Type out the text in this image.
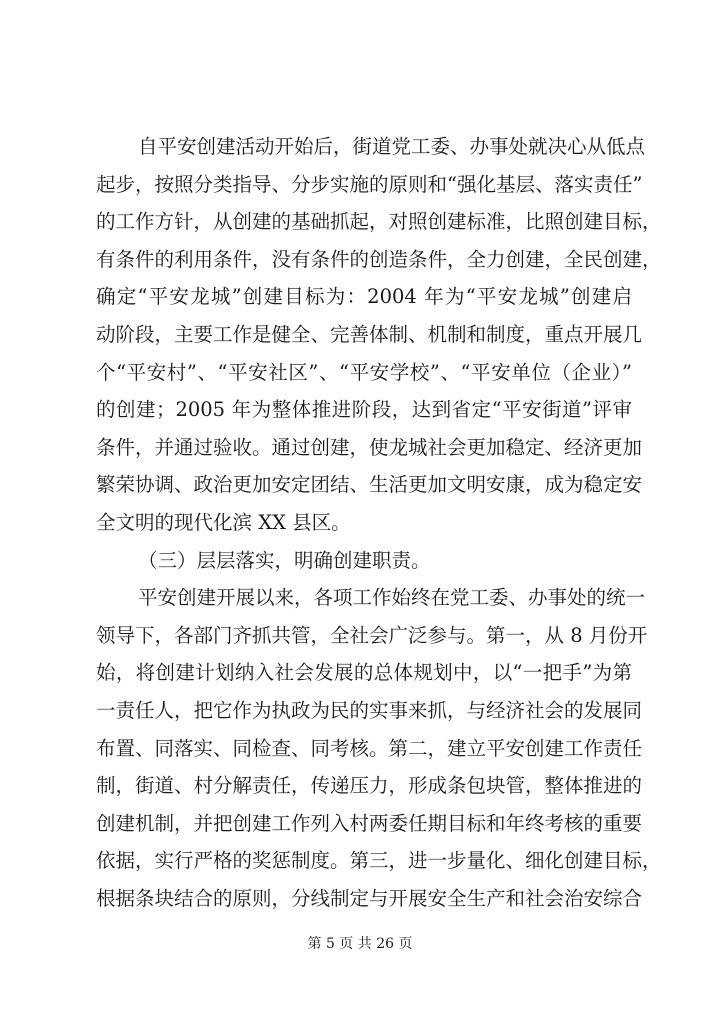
自平安创建活动开始后，街道党工委、办事处就决心从低点
起步，按照分类指导、分步实施的原则和“强化基层、落实责任”
的工作方针，从创建的基础抓起，对照创建标准，比照创建目标，
有条件的利用条件，没有条件的创造条件，全力创建，全民创建，
确定“平安龙城”创建目标为：2004 年为“平安龙城”创建启
动阶段，主要工作是健全、完善体制、机制和制度，重点开展几
个“平安村”、“平安社区”、“平安学校”、“平安单位（企业）”
的创建；2005 年为整体推进阶段，达到省定“平安街道”评审
条件，并通过验收。通过创建，使龙城社会更加稳定、经济更加
繁荣协调、政治更加安定团结、生活更加文明安康，成为稳定安
全文明的现代化滨 XX 县区。
（三）层层落实，明确创建职责。
平安创建开展以来，各项工作始终在党工委、办事处的统一
领导下，各部门齐抓共管，全社会广泛参与。第一，从 8 月份开
始，将创建计划纳入社会发展的总体规划中，以“一把手”为第
一责任人，把它作为执政为民的实事来抓，与经济社会的发展同
布置、同落实、同检查、同考核。第二，建立平安创建工作责任
制，街道、村分解责任，传递压力，形成条包块管，整体推进的
创建机制，并把创建工作列入村两委任期目标和年终考核的重要
依据，实行严格的奖惩制度。第三，进一步量化、细化创建目标，
根据条块结合的原则，分线制定与开展安全生产和社会治安综合
第 5 页 共 26 页
